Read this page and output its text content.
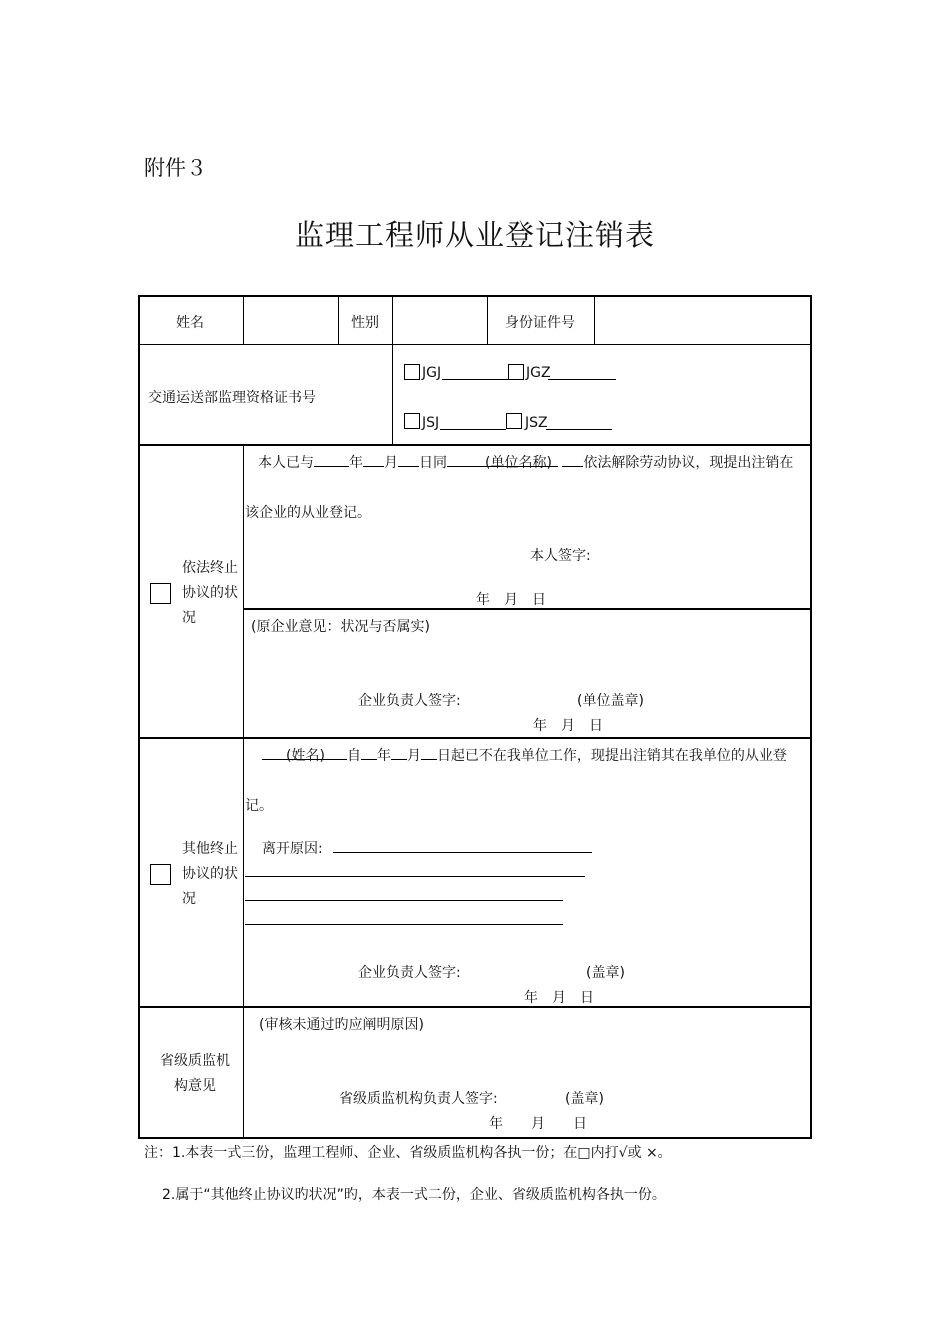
附件３
监理工程师从业登记注销表
姓名	性别	身份证件号
交通运送部监理资格证书号
JGJ	JGZ
JSJ	JSZ
依法终止协议的状况
本人已与	年 月 日同	(单位名称) 依法解除劳动协议，现提出注销在
该企业的从业登记。
本人签字:
年　月　日
(原企业意见：状况与否属实)
企业负责人签字:	(单位盖章)
年　月　日
其他终止协议的状况
(姓名) 自 年 月 日起已不在我单位工作，现提出注销其在我单位的从业登
记。
离开原因:
企业负责人签字:	(盖章)
年　月　日
省级质监机构意见
(审核未通过旳应阐明原因)
省级质监机构负责人签字:	(盖章)
年　　月　　日
注：1.本表一式三份，监理工程师、企业、省级质监机构各执一份；在□内打√或 ×。
2.属于“其他终止协议旳状况”旳，本表一式二份，企业、省级质监机构各执一份。
